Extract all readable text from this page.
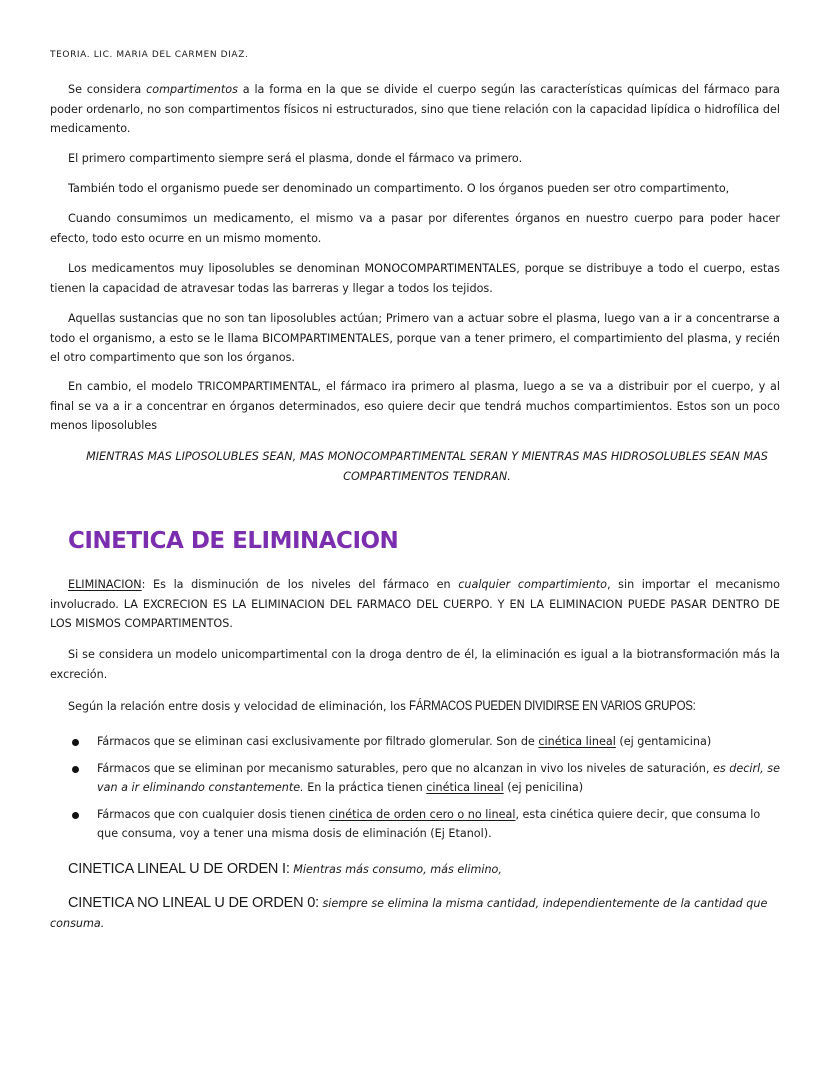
TEORIA. LIC. MARIA DEL CARMEN DIAZ.
Se considera compartimentos a la forma en la que se divide el cuerpo según las características químicas del fármaco para poder ordenarlo, no son compartimentos físicos ni estructurados, sino que tiene relación con la capacidad lipídica o hidrofílica del medicamento.
El primero compartimento siempre será el plasma, donde el fármaco va primero.
También todo el organismo puede ser denominado un compartimento. O los órganos pueden ser otro compartimento,
Cuando consumimos un medicamento, el mismo va a pasar por diferentes órganos en nuestro cuerpo para poder hacer efecto, todo esto ocurre en un mismo momento.
Los medicamentos muy liposolubles se denominan MONOCOMPARTIMENTALES, porque se distribuye a todo el cuerpo, estas tienen la capacidad de atravesar todas las barreras y llegar a todos los tejidos.
Aquellas sustancias que no son tan liposolubles actúan; Primero van a actuar sobre el plasma, luego van a ir a concentrarse a todo el organismo, a esto se le llama BICOMPARTIMENTALES, porque van a tener primero, el compartimiento del plasma, y recién el otro compartimento que son los órganos.
En cambio, el modelo TRICOMPARTIMENTAL, el fármaco ira primero al plasma, luego a se va a distribuir por el cuerpo, y al final se va a ir a concentrar en órganos determinados, eso quiere decir que tendrá muchos compartimientos. Estos son un poco menos liposolubles
MIENTRAS MAS LIPOSOLUBLES SEAN, MAS MONOCOMPARTIMENTAL SERAN Y MIENTRAS MAS HIDROSOLUBLES SEAN MAS COMPARTIMENTOS TENDRAN.
CINETICA DE ELIMINACION
ELIMINACION: Es la disminución de los niveles del fármaco en cualquier compartimiento, sin importar el mecanismo involucrado. LA EXCRECION ES LA ELIMINACION DEL FARMACO DEL CUERPO. Y EN LA ELIMINACION PUEDE PASAR DENTRO DE LOS MISMOS COMPARTIMENTOS.
Si se considera un modelo unicompartimental con la droga dentro de él, la eliminación es igual a la biotransformación más la excreción.
Según la relación entre dosis y velocidad de eliminación, los FÁRMACOS PUEDEN DIVIDIRSE EN VARIOS GRUPOS:
Fármacos que se eliminan casi exclusivamente por filtrado glomerular. Son de cinética lineal (ej gentamicina)
Fármacos que se eliminan por mecanismo saturables, pero que no alcanzan in vivo los niveles de saturación, es decirl, se van a ir eliminando constantemente. En la práctica tienen cinética lineal (ej penicilina)
Fármacos que con cualquier dosis tienen cinética de orden cero o no lineal, esta cinética quiere decir, que consuma lo que consuma, voy a tener una misma dosis de eliminación (Ej Etanol).
CINETICA LINEAL U DE ORDEN I: Mientras más consumo, más elimino,
CINETICA NO LINEAL U DE ORDEN 0: siempre se elimina la misma cantidad, independientemente de la cantidad que consuma.
